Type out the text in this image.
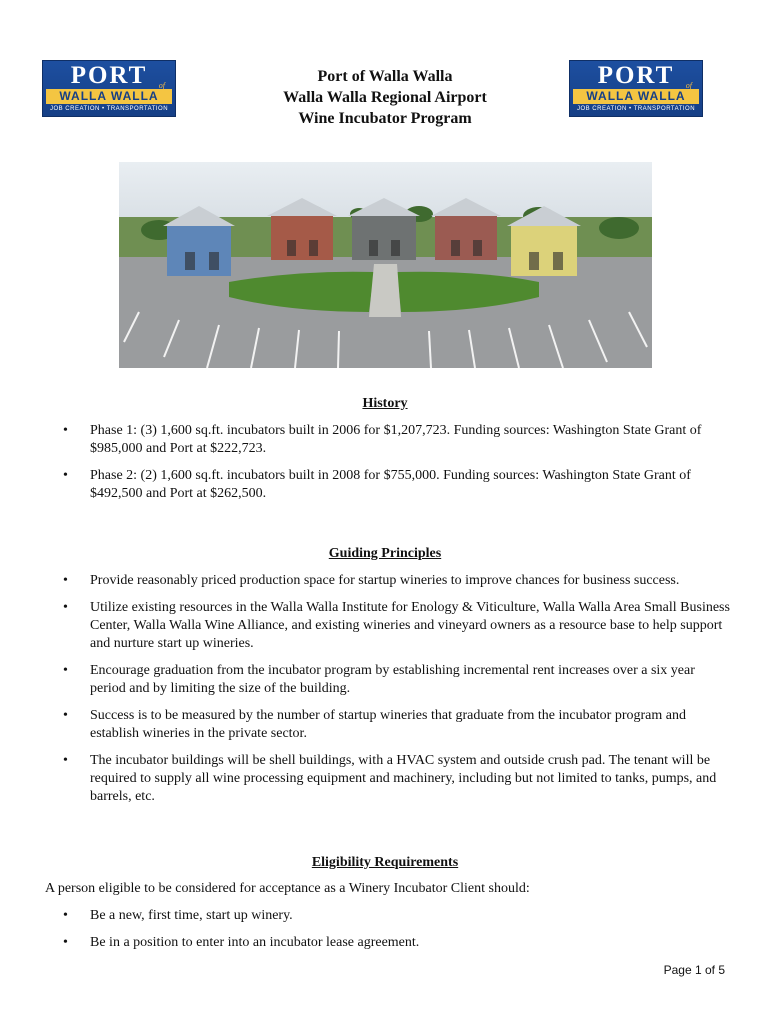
PORT	of
WALLA WALLA
JOB CREATION • TRANSPORTATION
PORT	of
WALLA WALLA
JOB CREATION • TRANSPORTATION
Port of Walla Walla
Walla Walla Regional Airport
Wine Incubator Program
History
• Phase 1: (3) 1,600 sq.ft. incubators built in 2006 for $1,207,723. Funding sources: Washington State Grant of $985,000 and Port at $222,723.
• Phase 2: (2) 1,600 sq.ft. incubators built in 2008 for $755,000. Funding sources: Washington State Grant of $492,500 and Port at $262,500.
Guiding Principles
• Provide reasonably priced production space for startup wineries to improve chances for business success.
• Utilize existing resources in the Walla Walla Institute for Enology & Viticulture, Walla Walla Area Small Business Center, Walla Walla Wine Alliance, and existing wineries and vineyard owners as a resource base to help support and nurture start up wineries.
• Encourage graduation from the incubator program by establishing incremental rent increases over a six year period and by limiting the size of the building.
• Success is to be measured by the number of startup wineries that graduate from the incubator program and establish wineries in the private sector.
• The incubator buildings will be shell buildings, with a HVAC system and outside crush pad. The tenant will be required to supply all wine processing equipment and machinery, including but not limited to tanks, pumps, and barrels, etc.
Eligibility Requirements
A person eligible to be considered for acceptance as a Winery Incubator Client should:
• Be a new, first time, start up winery.
• Be in a position to enter into an incubator lease agreement.
Page 1 of 5
